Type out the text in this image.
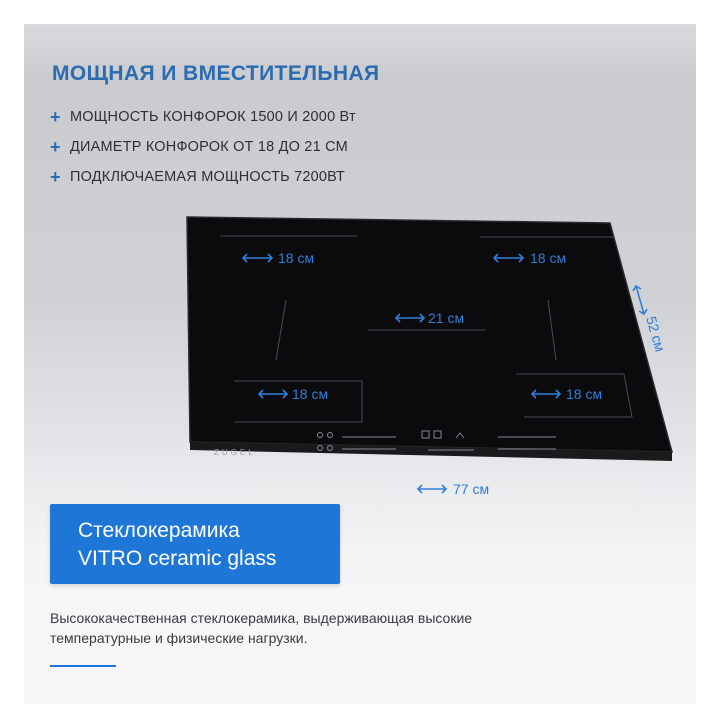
МОЩНАЯ И ВМЕСТИТЕЛЬНАЯ
+ МОЩНОСТЬ КОНФОРОК 1500 И 2000 Вт
+ ДИАМЕТР КОНФОРОК ОТ 18 ДО 21 СМ
+ ПОДКЛЮЧАЕМАЯ МОЩНОСТЬ 7200ВТ
18 см	18 см
21 см
18 см	18 см
77 см
52 см
ZUGEL
Стеклокерамика
VITRO ceramic glass

Высококачественная стеклокерамика, выдерживающая высокие температурные и физические нагрузки.
